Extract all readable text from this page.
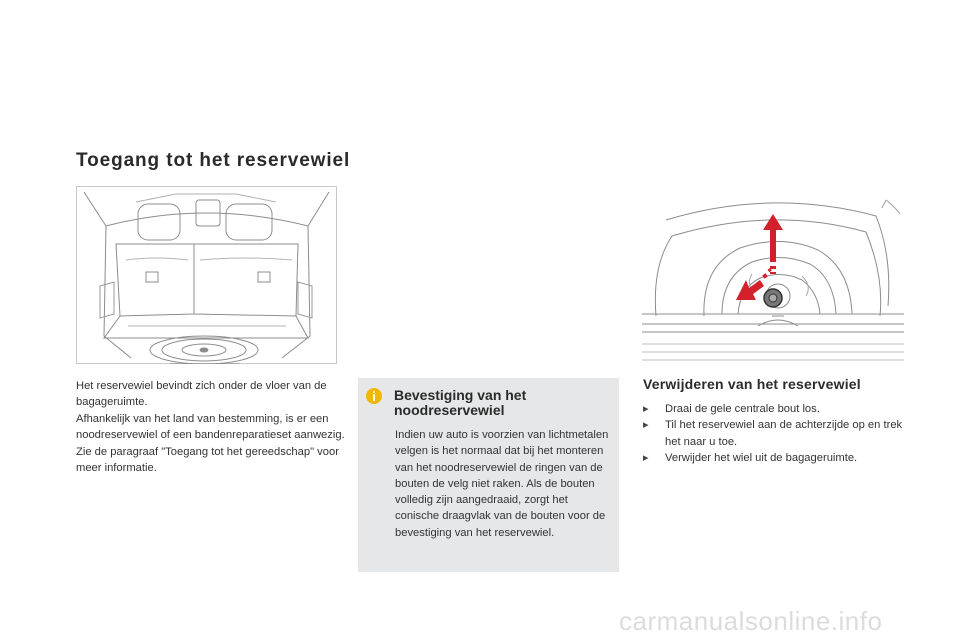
Toegang tot het reservewiel

Het reservewiel bevindt zich onder de vloer van de bagageruimte.

Afhankelijk van het land van bestemming, is er een noodreservewiel of een bandenreparatieset aanwezig.

Zie de paragraaf "Toegang tot het gereedschap" voor meer informatie.

Bevestiging van het noodreservewiel

Indien uw auto is voorzien van lichtmetalen velgen is het normaal dat bij het monteren van het noodreservewiel de ringen van de bouten de velg niet raken. Als de bouten volledig zijn aangedraaid, zorgt het conische draagvlak van de bouten voor de bevestiging van het reservewiel.

Verwijderen van het reservewiel
▸ Draai de gele centrale bout los.
▸ Til het reservewiel aan de achterzijde op en trek het naar u toe.
▸ Verwijder het wiel uit de bagageruimte.
carmanualsonline.info
